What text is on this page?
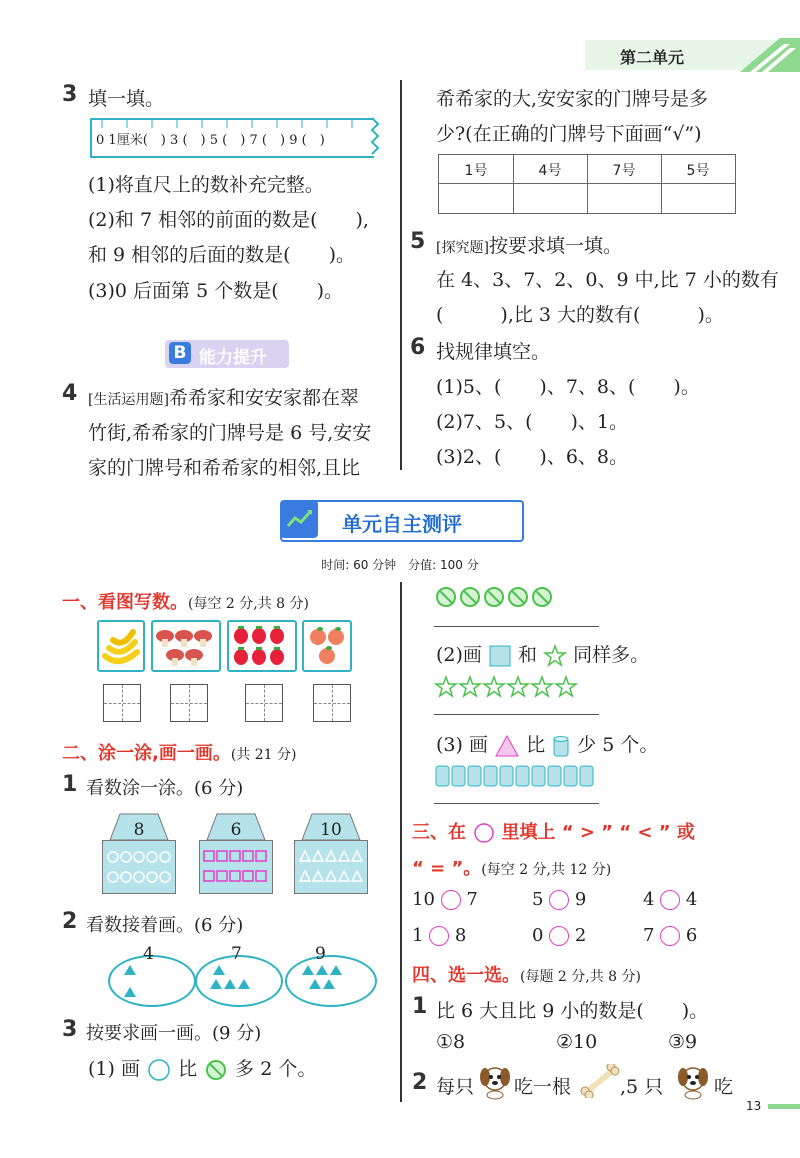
第二单元
3 填一填。
0 1厘米(　 ) 3 (　 ) 5 (　 ) 7 (　 ) 9 (　 )
(1)将直尺上的数补充完整。
(2)和 7 相邻的前面的数是(　　),
和 9 相邻的后面的数是(　　)。
(3)0 后面第 5 个数是(　　)。
B 能力提升
4 [生活运用题]希希家和安安家都在翠
竹街,希希家的门牌号是 6 号,安安
家的门牌号和希希家的相邻,且比
希希家的大,安安家的门牌号是多
少?(在正确的门牌号下面画“√”)
1号	4号	7号	5号
5 [探究题]按要求填一填。
在 4、3、7、2、0、9 中,比 7 小的数有
(　　　),比 3 大的数有(　　　)。
6 找规律填空。
(1)5、(　　)、7、8、(　　)。
(2)7、5、(　　)、1。
(3)2、(　　)、6、8。
单元自主测评
时间: 60 分钟　分值: 100 分
一、看图写数。(每空 2 分,共 8 分)
二、涂一涂,画一画。(共 21 分)
1 看数涂一涂。(6 分)
8	6	10
2 看数接着画。(6 分)
4	7	9
3 按要求画一画。(9 分)
(1) 画 比 多 2 个。
(2)画 和 同样多。
(3) 画 比 少 5 个。
三、在 里填上 “ > ” “ < ” 或
“ = ”。(每空 2 分,共 12 分)
10 7	5 9	4 4
1 8	0 2	7 6
四、选一选。(每题 2 分,共 8 分)
1 比 6 大且比 9 小的数是(　　)。
①8	②10	③9
2 每只 吃一根	,5 只	吃
13
